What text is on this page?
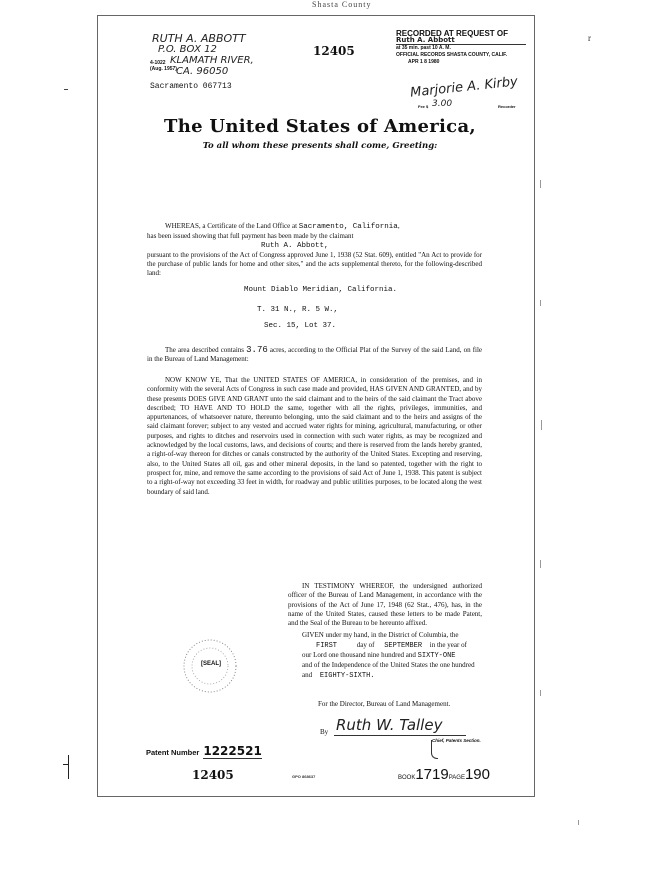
Shasta County
RUTH A. ABBOTT
P.O. BOX 12
KLAMATH RIVER,
CA. 96050
4-1022
(Aug. 1957)
Sacramento 067713
12405
r
RECORDED AT REQUEST OF
Ruth A. Abbott
at 35 min. past 10 A. M.
OFFICIAL RECORDS SHASTA COUNTY, CALIF.
APR 1 8 1980
Marjorie A. Kirby
Fee $ 3.00	Recorder
The United States of America,
To all whom these presents shall come, Greeting:
WHEREAS, a Certificate of the Land Office at Sacramento, California,
has been issued showing that full payment has been made by the claimant
Ruth A. Abbott,
pursuant to the provisions of the Act of Congress approved June 1, 1938 (52 Stat. 609), entitled "An Act to provide for the purchase of public lands for home and other sites," and the acts supplemental thereto, for the following-described land:
Mount Diablo Meridian, California.
T. 31 N., R. 5 W.,
Sec. 15, Lot 37.
The area described contains 3.76 acres, according to the Official Plat of the Survey of the said Land, on file in the Bureau of Land Management:
NOW KNOW YE, That the UNITED STATES OF AMERICA, in consideration of the premises, and in conformity with the several Acts of Congress in such case made and provided, HAS GIVEN AND GRANTED, and by these presents DOES GIVE AND GRANT unto the said claimant and to the heirs of the said claimant the Tract above described; TO HAVE AND TO HOLD the same, together with all the rights, privileges, immunities, and appurtenances, of whatsoever nature, thereunto belonging, unto the said claimant and to the heirs and assigns of the said claimant forever; subject to any vested and accrued water rights for mining, agricultural, manufacturing, or other purposes, and rights to ditches and reservoirs used in connection with such water rights, as may be recognized and acknowledged by the local customs, laws, and decisions of courts; and there is reserved from the lands hereby granted, a right-of-way thereon for ditches or canals constructed by the authority of the United States. Excepting and reserving, also, to the United States all oil, gas and other mineral deposits, in the land so patented, together with the right to prospect for, mine, and remove the same according to the provisions of said Act of June 1, 1938. This patent is subject to a right-of-way not exceeding 33 feet in width, for roadway and public utilities purposes, to be located along the west boundary of said land.
IN TESTIMONY WHEREOF, the undersigned authorized officer of the Bureau of Land Management, in accordance with the provisions of the Act of June 17, 1948 (62 Stat., 476), has, in the name of the United States, caused these letters to be made Patent, and the Seal of the Bureau to be hereunto affixed.
GIVEN under my hand, in the District of Columbia, the
FIRST	day of SEPTEMBER in the year of
our Lord one thousand nine hundred and SIXTY-ONE
and of the Independence of the United States the one hundred
and EIGHTY-SIXTH.
[SEAL]
For the Director, Bureau of Land Management.
By Ruth W. Talley
Chief, Patents Section.
Patent Number 1222521
12405	GPO 868637	BOOK1719PAGE190
